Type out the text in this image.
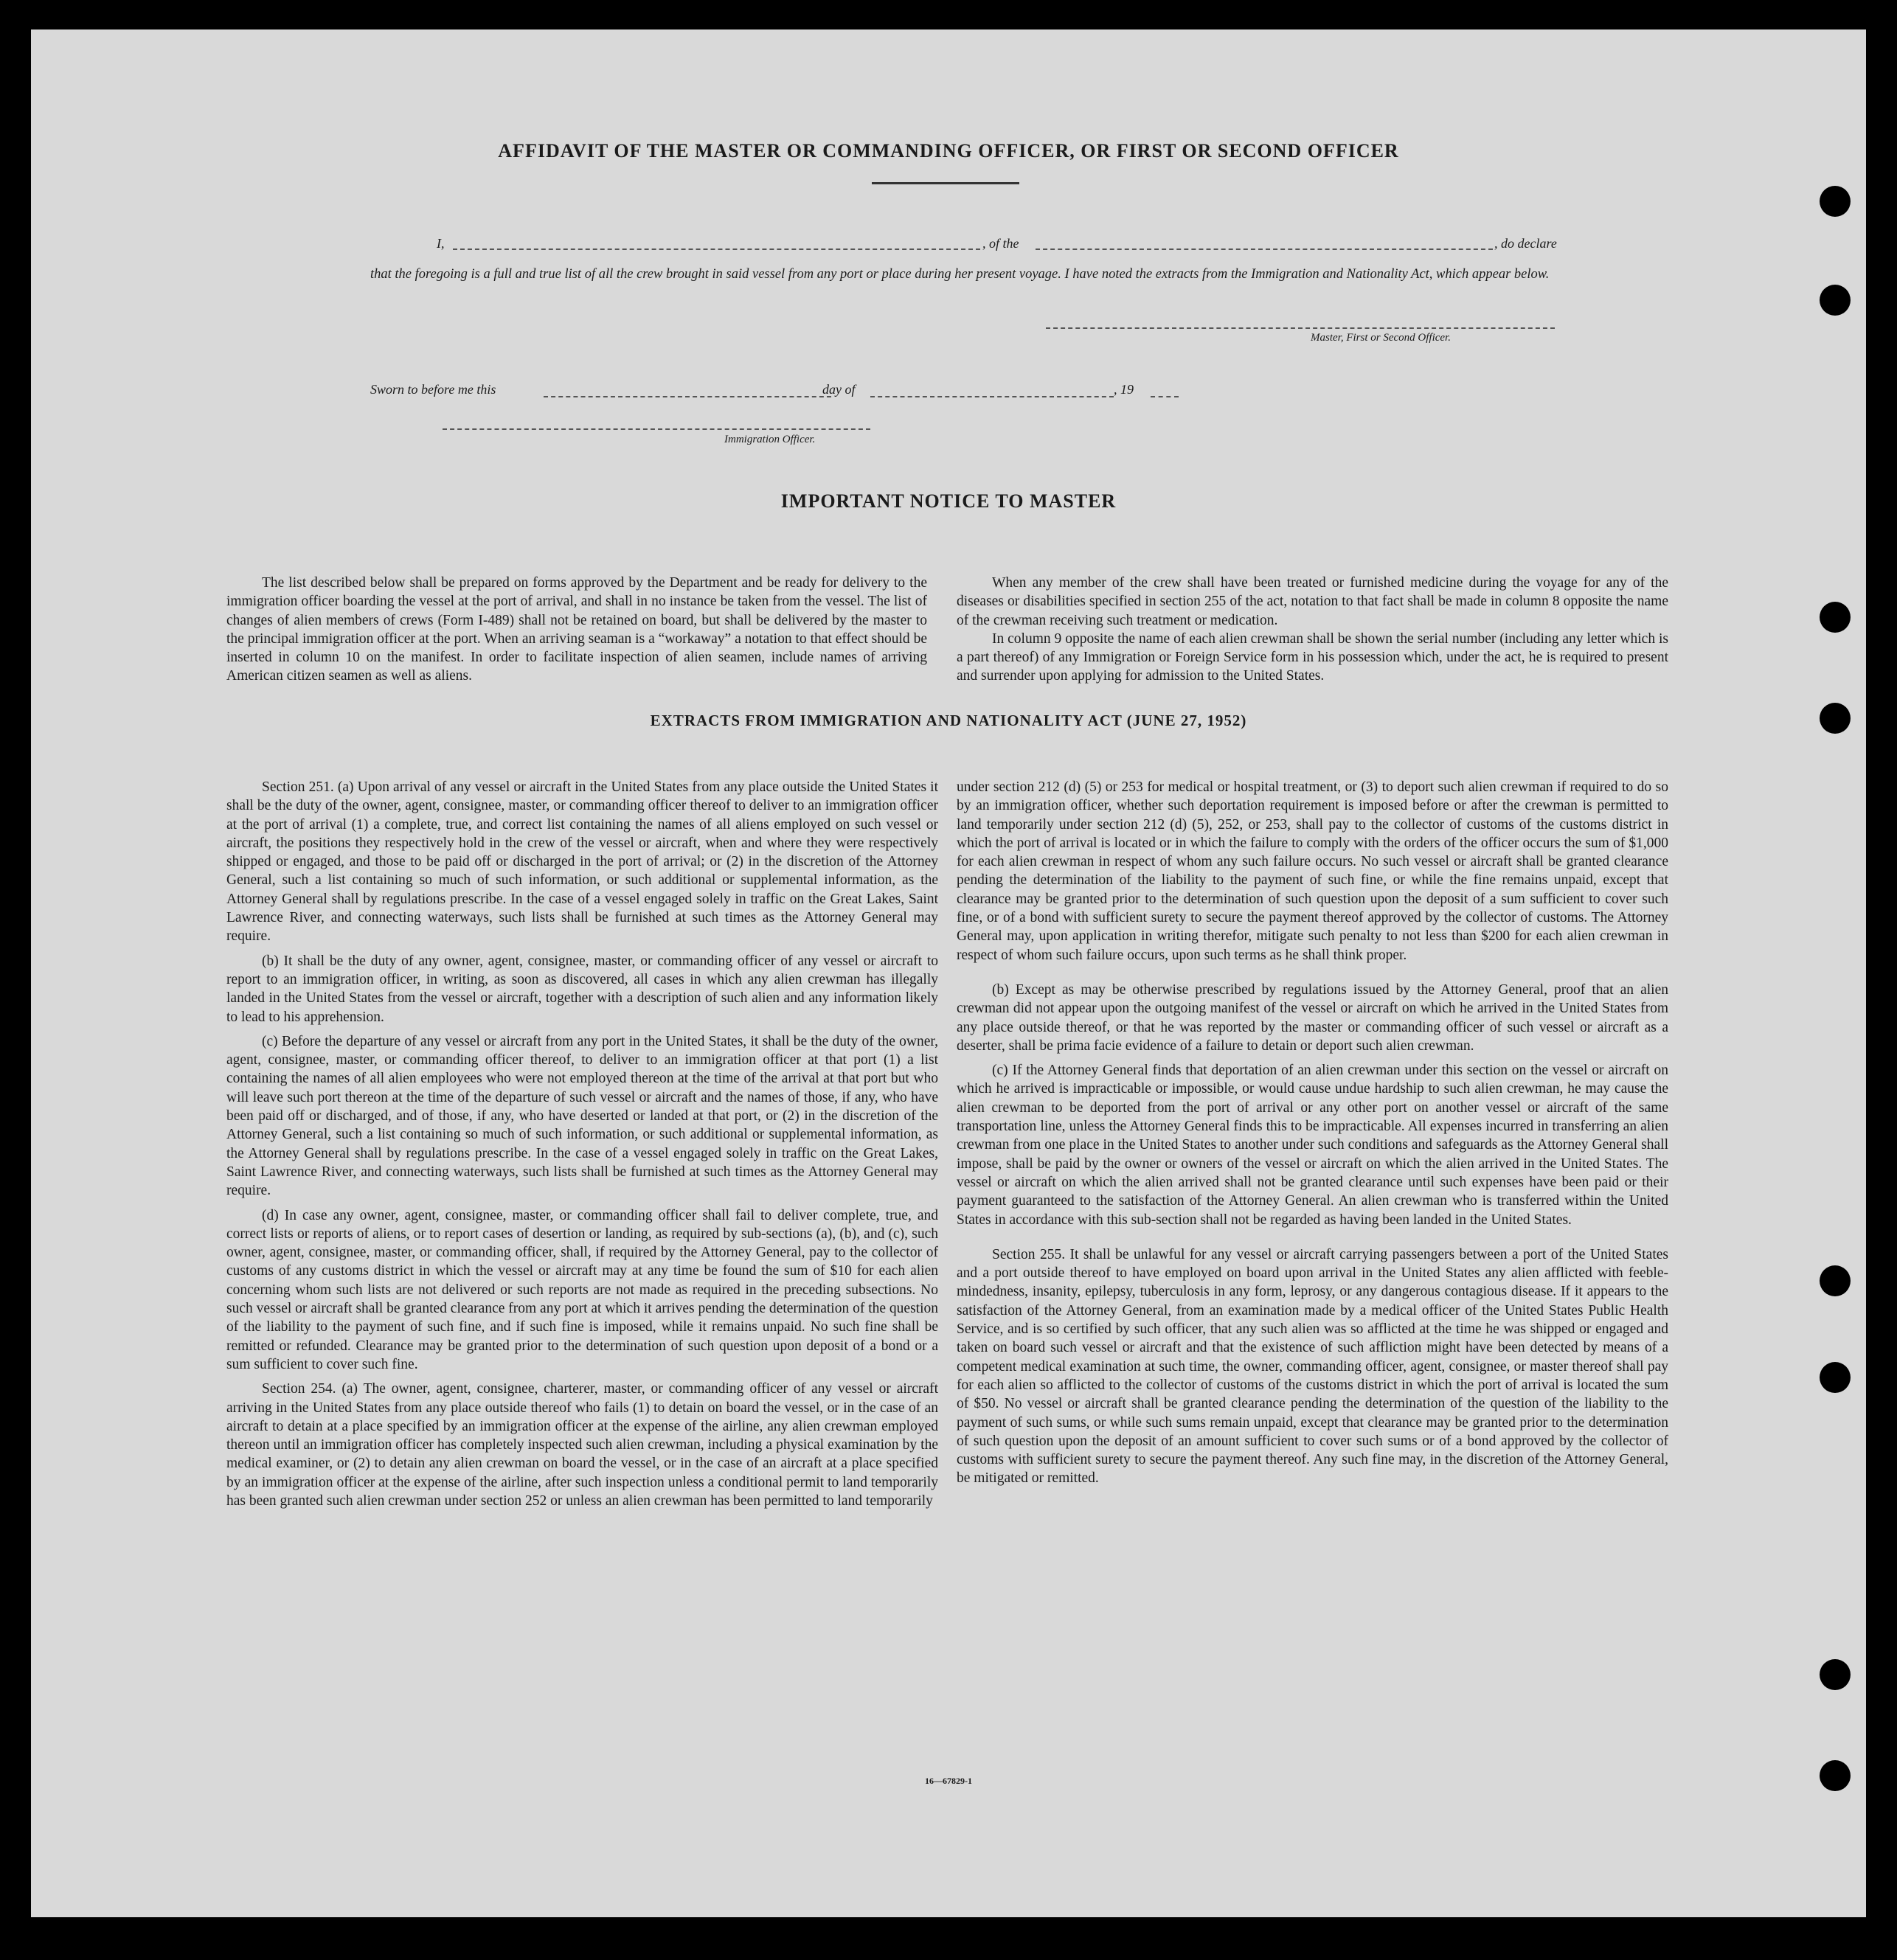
AFFIDAVIT OF THE MASTER OR COMMANDING OFFICER, OR FIRST OR SECOND OFFICER
I,	, of the	, do declare
that the foregoing is a full and true list of all the crew brought in said vessel from any port or place during her present voyage. I have noted the extracts from the Immigration and Nationality Act, which appear below.
Master, First or Second Officer.
Sworn to before me this	day of	, 19
Immigration Officer.
IMPORTANT NOTICE TO MASTER

The list described below shall be prepared on forms approved by the Department and be ready for delivery to the immigration officer boarding the vessel at the port of arrival, and shall in no instance be taken from the vessel. The list of changes of alien members of crews (Form I-489) shall not be retained on board, but shall be delivered by the master to the principal immigration officer at the port. When an arriving seaman is a “workaway” a notation to that effect should be inserted in column 10 on the manifest. In order to facilitate inspection of alien seamen, include names of arriving American citizen seamen as well as aliens.

When any member of the crew shall have been treated or furnished medicine during the voyage for any of the diseases or disabilities specified in section 255 of the act, notation to that fact shall be made in column 8 opposite the name of the crewman receiving such treatment or medication.

In column 9 opposite the name of each alien crewman shall be shown the serial number (including any letter which is a part thereof) of any Immigration or Foreign Service form in his possession which, under the act, he is required to present and surrender upon applying for admission to the United States.

EXTRACTS FROM IMMIGRATION AND NATIONALITY ACT (JUNE 27, 1952)

Section 251. (a) Upon arrival of any vessel or aircraft in the United States from any place outside the United States it shall be the duty of the owner, agent, consignee, master, or commanding officer thereof to deliver to an immigration officer at the port of arrival (1) a complete, true, and correct list containing the names of all aliens employed on such vessel or aircraft, the positions they respectively hold in the crew of the vessel or aircraft, when and where they were respectively shipped or engaged, and those to be paid off or discharged in the port of arrival; or (2) in the discretion of the Attorney General, such a list containing so much of such information, or such additional or supplemental information, as the Attorney General shall by regulations prescribe. In the case of a vessel engaged solely in traffic on the Great Lakes, Saint Lawrence River, and connecting waterways, such lists shall be furnished at such times as the Attorney General may require.

(b) It shall be the duty of any owner, agent, consignee, master, or commanding officer of any vessel or aircraft to report to an immigration officer, in writing, as soon as discovered, all cases in which any alien crewman has illegally landed in the United States from the vessel or aircraft, together with a description of such alien and any information likely to lead to his apprehension.

(c) Before the departure of any vessel or aircraft from any port in the United States, it shall be the duty of the owner, agent, consignee, master, or commanding officer thereof, to deliver to an immigration officer at that port (1) a list containing the names of all alien employees who were not employed thereon at the time of the arrival at that port but who will leave such port thereon at the time of the departure of such vessel or aircraft and the names of those, if any, who have been paid off or discharged, and of those, if any, who have deserted or landed at that port, or (2) in the discretion of the Attorney General, such a list containing so much of such information, or such additional or supplemental information, as the Attorney General shall by regulations prescribe. In the case of a vessel engaged solely in traffic on the Great Lakes, Saint Lawrence River, and connecting waterways, such lists shall be furnished at such times as the Attorney General may require.

(d) In case any owner, agent, consignee, master, or commanding officer shall fail to deliver complete, true, and correct lists or reports of aliens, or to report cases of desertion or landing, as required by sub-sections (a), (b), and (c), such owner, agent, consignee, master, or commanding officer, shall, if required by the Attorney General, pay to the collector of customs of any customs district in which the vessel or aircraft may at any time be found the sum of $10 for each alien concerning whom such lists are not delivered or such reports are not made as required in the preceding subsections. No such vessel or aircraft shall be granted clearance from any port at which it arrives pending the determination of the question of the liability to the payment of such fine, and if such fine is imposed, while it remains unpaid. No such fine shall be remitted or refunded. Clearance may be granted prior to the determination of such question upon deposit of a bond or a sum sufficient to cover such fine.

Section 254. (a) The owner, agent, consignee, charterer, master, or commanding officer of any vessel or aircraft arriving in the United States from any place outside thereof who fails (1) to detain on board the vessel, or in the case of an aircraft to detain at a place specified by an immigration officer at the expense of the airline, any alien crewman employed thereon until an immigration officer has completely inspected such alien crewman, including a physical examination by the medical examiner, or (2) to detain any alien crewman on board the vessel, or in the case of an aircraft at a place specified by an immigration officer at the expense of the airline, after such inspection unless a conditional permit to land temporarily has been granted such alien crewman under section 252 or unless an alien crewman has been permitted to land temporarily

under section 212 (d) (5) or 253 for medical or hospital treatment, or (3) to deport such alien crewman if required to do so by an immigration officer, whether such deportation requirement is imposed before or after the crewman is permitted to land temporarily under section 212 (d) (5), 252, or 253, shall pay to the collector of customs of the customs district in which the port of arrival is located or in which the failure to comply with the orders of the officer occurs the sum of $1,000 for each alien crewman in respect of whom any such failure occurs. No such vessel or aircraft shall be granted clearance pending the determination of the liability to the payment of such fine, or while the fine remains unpaid, except that clearance may be granted prior to the determination of such question upon the deposit of a sum sufficient to cover such fine, or of a bond with sufficient surety to secure the payment thereof approved by the collector of customs. The Attorney General may, upon application in writing therefor, mitigate such penalty to not less than $200 for each alien crewman in respect of whom such failure occurs, upon such terms as he shall think proper.

(b) Except as may be otherwise prescribed by regulations issued by the Attorney General, proof that an alien crewman did not appear upon the outgoing manifest of the vessel or aircraft on which he arrived in the United States from any place outside thereof, or that he was reported by the master or commanding officer of such vessel or aircraft as a deserter, shall be prima facie evidence of a failure to detain or deport such alien crewman.

(c) If the Attorney General finds that deportation of an alien crewman under this section on the vessel or aircraft on which he arrived is impracticable or impossible, or would cause undue hardship to such alien crewman, he may cause the alien crewman to be deported from the port of arrival or any other port on another vessel or aircraft of the same transportation line, unless the Attorney General finds this to be impracticable. All expenses incurred in transferring an alien crewman from one place in the United States to another under such conditions and safeguards as the Attorney General shall impose, shall be paid by the owner or owners of the vessel or aircraft on which the alien arrived in the United States. The vessel or aircraft on which the alien arrived shall not be granted clearance until such expenses have been paid or their payment guaranteed to the satisfaction of the Attorney General. An alien crewman who is transferred within the United States in accordance with this sub-section shall not be regarded as having been landed in the United States.

Section 255. It shall be unlawful for any vessel or aircraft carrying passengers between a port of the United States and a port outside thereof to have employed on board upon arrival in the United States any alien afflicted with feeble-mindedness, insanity, epilepsy, tuberculosis in any form, leprosy, or any dangerous contagious disease. If it appears to the satisfaction of the Attorney General, from an examination made by a medical officer of the United States Public Health Service, and is so certified by such officer, that any such alien was so afflicted at the time he was shipped or engaged and taken on board such vessel or aircraft and that the existence of such affliction might have been detected by means of a competent medical examination at such time, the owner, commanding officer, agent, consignee, or master thereof shall pay for each alien so afflicted to the collector of customs of the customs district in which the port of arrival is located the sum of $50. No vessel or aircraft shall be granted clearance pending the determination of the question of the liability to the payment of such sums, or while such sums remain unpaid, except that clearance may be granted prior to the determination of such question upon the deposit of an amount sufficient to cover such sums or of a bond approved by the collector of customs with sufficient surety to secure the payment thereof. Any such fine may, in the discretion of the Attorney General, be mitigated or remitted.

16—67829-1
